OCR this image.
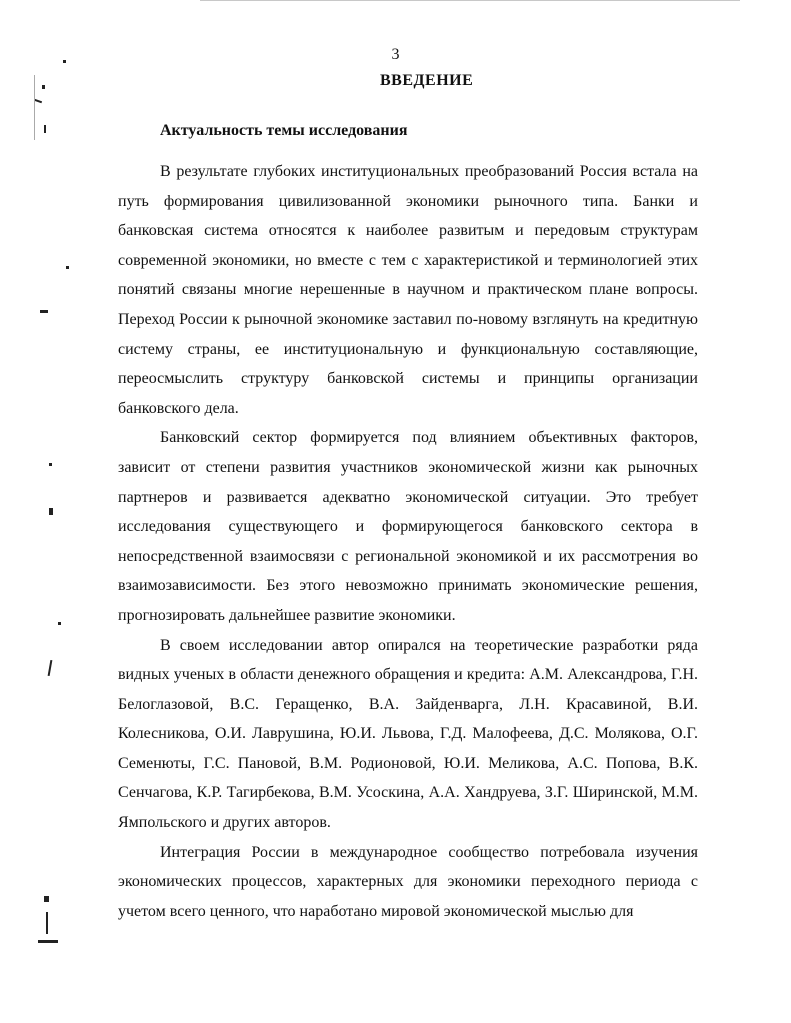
3
ВВЕДЕНИЕ
Актуальность темы исследования

В результате глубоких институциональных преобразований Россия встала на путь формирования цивилизованной экономики рыночного типа. Банки и банковская система относятся к наиболее развитым и передовым структурам современной экономики, но вместе с тем с характеристикой и терминологией этих понятий связаны многие нерешенные в научном и практическом плане вопросы. Переход России к рыночной экономике заставил по-новому взглянуть на кредитную систему страны, ее институциональную и функциональную составляющие, переосмыслить структуру банковской системы и принципы организации банковского дела.

Банковский сектор формируется под влиянием объективных факторов, зависит от степени развития участников экономической жизни как рыночных партнеров и развивается адекватно экономической ситуации. Это требует исследования существующего и формирующегося банковского сектора в непосредственной взаимосвязи с региональной экономикой и их рассмотрения во взаимозависимости. Без этого невозможно принимать экономические решения, прогнозировать дальнейшее развитие экономики.

В своем исследовании автор опирался на теоретические разработки ряда видных ученых в области денежного обращения и кредита: А.М. Александрова, Г.Н. Белоглазовой, B.C. Геращенко, В.А. Зайденварга, Л.Н. Красавиной, В.И. Колесникова, О.И. Лаврушина, Ю.И. Львова, Г.Д. Малофеева, Д.С. Молякова, О.Г. Семенюты, Г.С. Пановой, В.М. Родионовой, Ю.И. Меликова, А.С. Попова, В.К. Сенчагова, К.Р. Тагирбекова, В.М. Усоскина, А.А. Хандруева, З.Г. Ширинской, М.М. Ямпольского и других авторов.

Интеграция России в международное сообщество потребовала изучения экономических процессов, характерных для экономики переходного периода с учетом всего ценного, что наработано мировой экономической мыслью для
